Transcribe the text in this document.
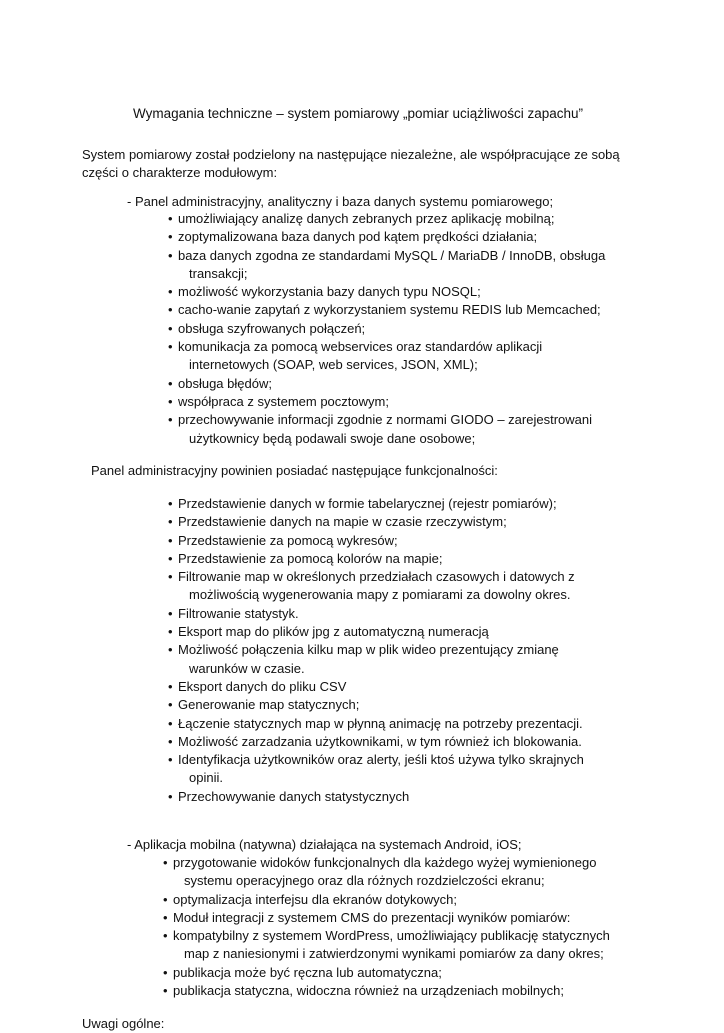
Wymagania techniczne – system pomiarowy „pomiar uciążliwości zapachu”
System pomiarowy został podzielony na następujące niezależne, ale współpracujące ze sobą
części o charakterze modułowym:
- Panel administracyjny, analityczny i baza danych systemu pomiarowego;
• umożliwiający analizę danych zebranych przez aplikację mobilną;
• zoptymalizowana baza danych pod kątem prędkości działania;
• baza danych zgodna ze standardami MySQL / MariaDB / InnoDB, obsługa
transakcji;
• możliwość wykorzystania bazy danych typu NOSQL;
• cacho-wanie zapytań z wykorzystaniem systemu REDIS lub Memcached;
• obsługa szyfrowanych połączeń;
• komunikacja za pomocą webservices oraz standardów aplikacji
internetowych (SOAP, web services, JSON, XML);
• obsługa błędów;
• współpraca z systemem pocztowym;
• przechowywanie informacji zgodnie z normami GIODO – zarejestrowani
użytkownicy będą podawali swoje dane osobowe;
Panel administracyjny powinien posiadać następujące funkcjonalności:
• Przedstawienie danych w formie tabelarycznej (rejestr pomiarów);
• Przedstawienie danych na mapie w czasie rzeczywistym;
• Przedstawienie za pomocą wykresów;
• Przedstawienie za pomocą kolorów na mapie;
• Filtrowanie map w określonych przedziałach czasowych i datowych z
możliwością wygenerowania mapy z pomiarami za dowolny okres.
• Filtrowanie statystyk.
• Eksport map do plików jpg z automatyczną numeracją
• Możliwość połączenia kilku map w plik wideo prezentujący zmianę
warunków w czasie.
• Eksport danych do pliku CSV
• Generowanie map statycznych;
• Łączenie statycznych map w płynną animację na potrzeby prezentacji.
• Możliwość zarzadzania użytkownikami, w tym również ich blokowania.
• Identyfikacja użytkowników oraz alerty, jeśli ktoś używa tylko skrajnych
opinii.
• Przechowywanie danych statystycznych
- Aplikacja mobilna (natywna) działająca na systemach Android, iOS;
• przygotowanie widoków funkcjonalnych dla każdego wyżej wymienionego
systemu operacyjnego oraz dla różnych rozdzielczości ekranu;
• optymalizacja interfejsu dla ekranów dotykowych;
• Moduł integracji z systemem CMS do prezentacji wyników pomiarów:
• kompatybilny z systemem WordPress, umożliwiający publikację statycznych
map z naniesionymi i zatwierdzonymi wynikami pomiarów za dany okres;
• publikacja może być ręczna lub automatyczna;
• publikacja statyczna, widoczna również na urządzeniach mobilnych;
Uwagi ogólne:
